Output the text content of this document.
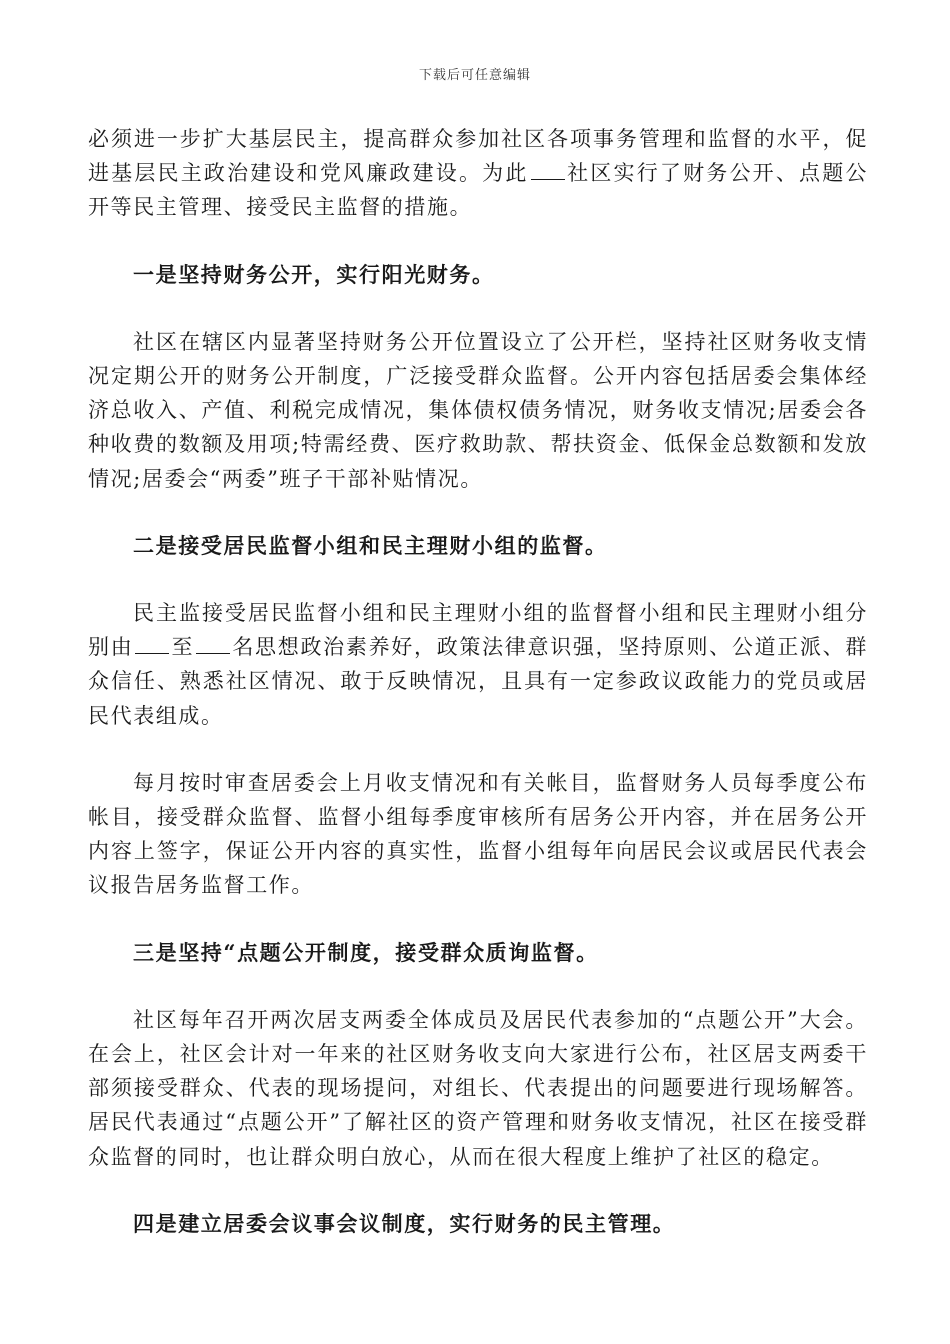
下载后可任意编辑

必须进一步扩大基层民主，提高群众参加社区各项事务管理和监督的水平，促进基层民主政治建设和党风廉政建设。为此 社区实行了财务公开、点题公开等民主管理、接受民主监督的措施。

一是坚持财务公开，实行阳光财务。

社区在辖区内显著坚持财务公开位置设立了公开栏，坚持社区财务收支情况定期公开的财务公开制度，广泛接受群众监督。公开内容包括居委会集体经济总收入、产值、利税完成情况，集体债权债务情况，财务收支情况;居委会各种收费的数额及用项;特需经费、医疗救助款、帮扶资金、低保金总数额和发放情况;居委会“两委”班子干部补贴情况。

二是接受居民监督小组和民主理财小组的监督。

民主监接受居民监督小组和民主理财小组的监督督小组和民主理财小组分别由 至 名思想政治素养好，政策法律意识强，坚持原则、公道正派、群众信任、熟悉社区情况、敢于反映情况，且具有一定参政议政能力的党员或居民代表组成。

每月按时审查居委会上月收支情况和有关帐目，监督财务人员每季度公布帐目，接受群众监督、监督小组每季度审核所有居务公开内容，并在居务公开内容上签字，保证公开内容的真实性，监督小组每年向居民会议或居民代表会议报告居务监督工作。

三是坚持“点题公开制度，接受群众质询监督。

社区每年召开两次居支两委全体成员及居民代表参加的“点题公开”大会。在会上，社区会计对一年来的社区财务收支向大家进行公布，社区居支两委干部须接受群众、代表的现场提问，对组长、代表提出的问题要进行现场解答。居民代表通过“点题公开”了解社区的资产管理和财务收支情况，社区在接受群众监督的同时，也让群众明白放心，从而在很大程度上维护了社区的稳定。

四是建立居委会议事会议制度，实行财务的民主管理。
